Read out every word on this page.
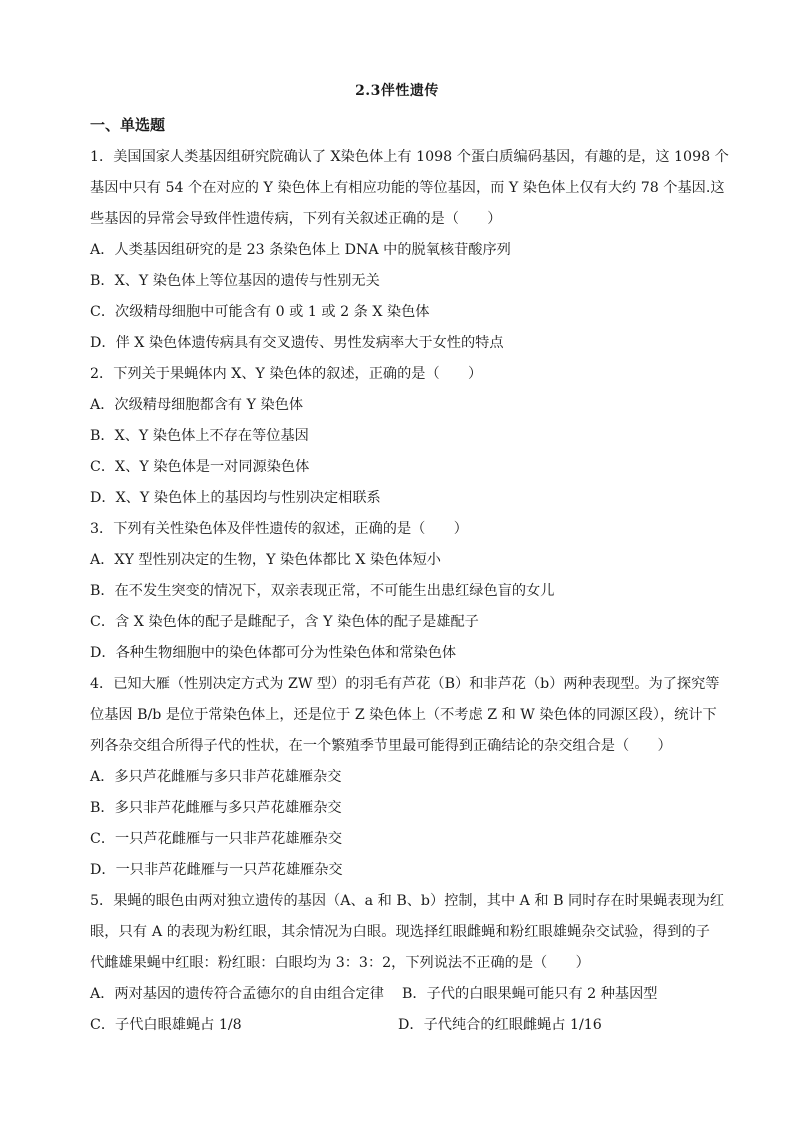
2.3伴性遗传
一、单选题
1．美国国家人类基因组研究院确认了 X染色体上有 1098 个蛋白质编码基因，有趣的是，这 1098 个
基因中只有 54 个在对应的 Y 染色体上有相应功能的等位基因，而 Y 染色体上仅有大约 78 个基因.这
些基因的异常会导致伴性遗传病，下列有关叙述正确的是（　　）
A．人类基因组研究的是 23 条染色体上 DNA 中的脱氧核苷酸序列
B．X、Y 染色体上等位基因的遗传与性别无关
C．次级精母细胞中可能含有 0 或 1 或 2 条 X 染色体
D．伴 X 染色体遗传病具有交叉遗传、男性发病率大于女性的特点
2．下列关于果蝇体内 X、Y 染色体的叙述，正确的是（　　）
A．次级精母细胞都含有 Y 染色体
B．X、Y 染色体上不存在等位基因
C．X、Y 染色体是一对同源染色体
D．X、Y 染色体上的基因均与性别决定相联系
3．下列有关性染色体及伴性遗传的叙述，正确的是（　　）
A．XY 型性别决定的生物，Y 染色体都比 X 染色体短小
B．在不发生突变的情况下，双亲表现正常，不可能生出患红绿色盲的女儿
C．含 X 染色体的配子是雌配子，含 Y 染色体的配子是雄配子
D．各种生物细胞中的染色体都可分为性染色体和常染色体
4．已知大雁（性别决定方式为 ZW 型）的羽毛有芦花（B）和非芦花（b）两种表现型。为了探究等
位基因 B/b 是位于常染色体上，还是位于 Z 染色体上（不考虑 Z 和 W 染色体的同源区段），统计下
列各杂交组合所得子代的性状，在一个繁殖季节里最可能得到正确结论的杂交组合是（　　）
A．多只芦花雌雁与多只非芦花雄雁杂交
B．多只非芦花雌雁与多只芦花雄雁杂交
C．一只芦花雌雁与一只非芦花雄雁杂交
D．一只非芦花雌雁与一只芦花雄雁杂交
5．果蝇的眼色由两对独立遗传的基因（A、a 和 B、b）控制，其中 A 和 B 同时存在时果蝇表现为红
眼，只有 A 的表现为粉红眼，其余情况为白眼。现选择红眼雌蝇和粉红眼雄蝇杂交试验，得到的子
代雌雄果蝇中红眼：粉红眼：白眼均为 3：3：2，下列说法不正确的是（　　）
A．两对基因的遗传符合孟德尔的自由组合定律 B．子代的白眼果蝇可能只有 2 种基因型
C．子代白眼雄蝇占 1/8	D．子代纯合的红眼雌蝇占 1/16
